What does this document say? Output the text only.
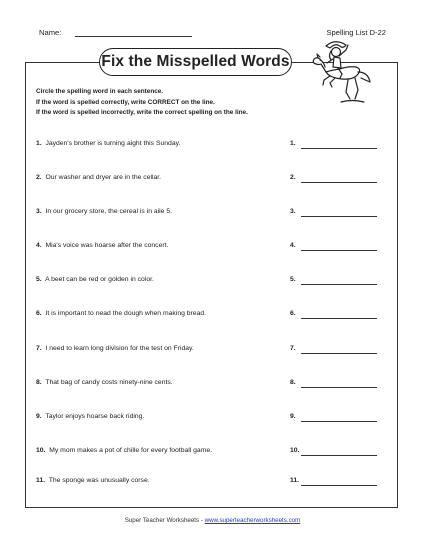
Name:	Spelling List D-22
Fix the Misspelled Words
Circle the spelling word in each sentence.
If the word is spelled correctly, write CORRECT on the line.
If the word is spelled incorrectly, write the correct spelling on the line.
1. Jayden's brother is turning aight this Sunday.	1.
2. Our washer and dryer are in the cellar.	2.
3. In our grocery store, the cereal is in aile 5.	3.
4. Mia's voice was hoarse after the concert.	4.
5. A beet can be red or golden in color.	5.
6. It is important to nead the dough when making bread.	6.
7. I need to learn long division for the test on Friday.	7.
8. That bag of candy costs ninety-nine cents.	8.
9. Taylor enjoys hoarse back riding.	9.
10. My mom makes a pot of chille for every football game.	10.
11. The sponge was unusually corse.	11.
Super Teacher Worksheets - www.superteacherworksheets.com
